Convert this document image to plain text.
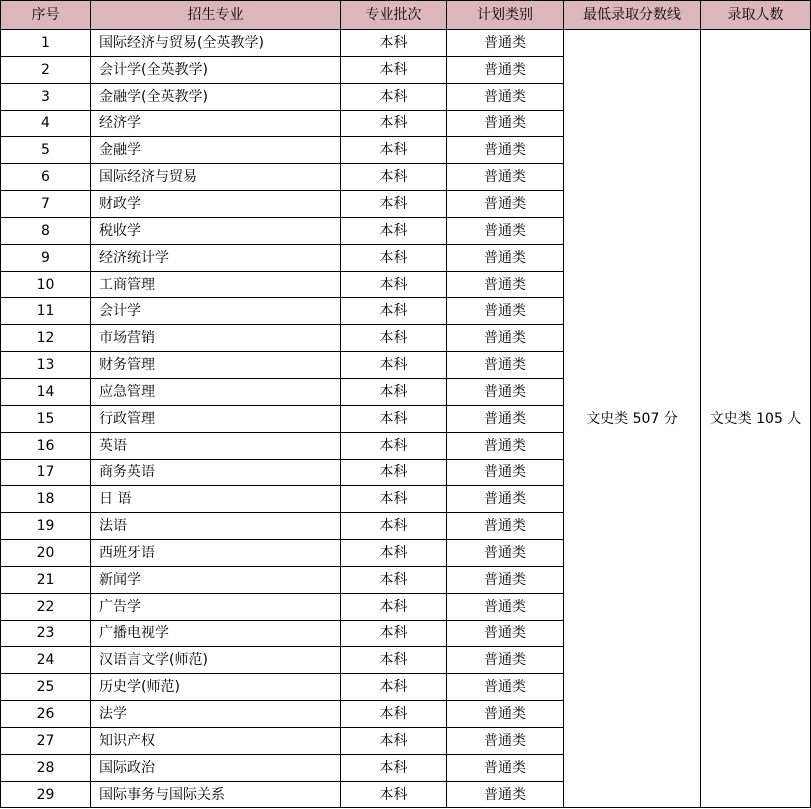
序号	招生专业	专业批次	计划类别	最低录取分数线	录取人数
1	国际经济与贸易(全英教学)	本科	普通类	文史类 507 分	文史类 105 人
2	会计学(全英教学)	本科	普通类		
3	金融学(全英教学)	本科	普通类		
4	经济学	本科	普通类		
5	金融学	本科	普通类		
6	国际经济与贸易	本科	普通类		
7	财政学	本科	普通类		
8	税收学	本科	普通类		
9	经济统计学	本科	普通类		
10	工商管理	本科	普通类		
11	会计学	本科	普通类		
12	市场营销	本科	普通类		
13	财务管理	本科	普通类		
14	应急管理	本科	普通类		
15	行政管理	本科	普通类		
16	英语	本科	普通类		
17	商务英语	本科	普通类		
18	日 语	本科	普通类		
19	法语	本科	普通类		
20	西班牙语	本科	普通类		
21	新闻学	本科	普通类		
22	广告学	本科	普通类		
23	广播电视学	本科	普通类		
24	汉语言文学(师范)	本科	普通类		
25	历史学(师范)	本科	普通类		
26	法学	本科	普通类		
27	知识产权	本科	普通类		
28	国际政治	本科	普通类		
29	国际事务与国际关系	本科	普通类		
